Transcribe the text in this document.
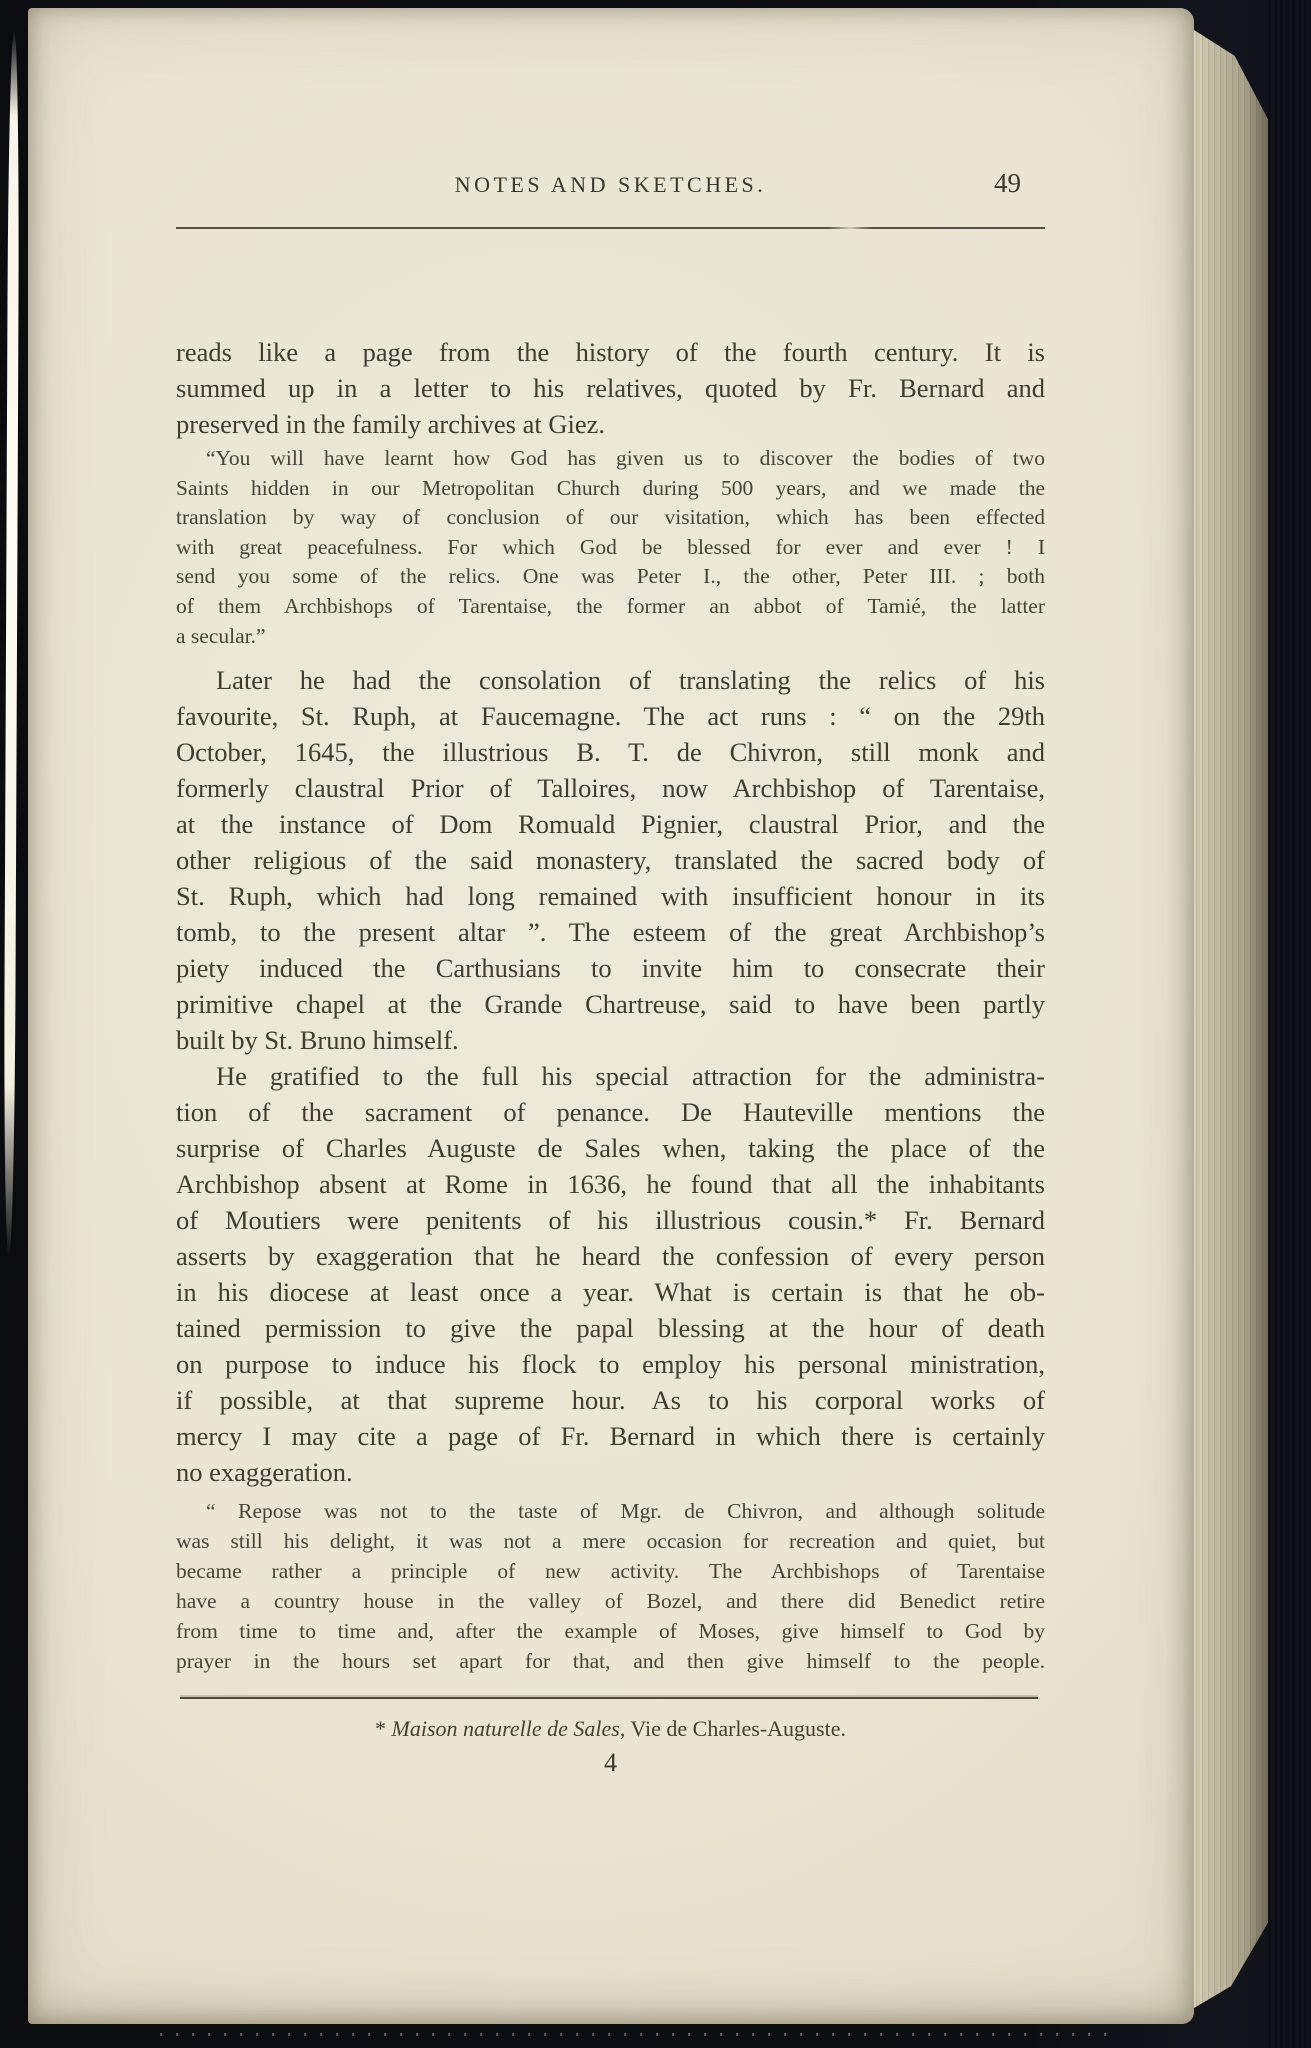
NOTES AND SKETCHES.	49
reads like a page from the history of the fourth century. It is
summed up in a letter to his relatives, quoted by Fr. Bernard and
preserved in the family archives at Giez.
“You will have learnt how God has given us to discover the bodies of two
Saints hidden in our Metropolitan Church during 500 years, and we made the
translation by way of conclusion of our visitation, which has been effected
with great peacefulness. For which God be blessed for ever and ever ! I
send you some of the relics. One was Peter I., the other, Peter III. ; both
of them Archbishops of Tarentaise, the former an abbot of Tamié, the latter
a secular.”
Later he had the consolation of translating the relics of his
favourite, St. Ruph, at Faucemagne. The act runs : “ on the 29th
October, 1645, the illustrious B. T. de Chivron, still monk and
formerly claustral Prior of Talloires, now Archbishop of Tarentaise,
at the instance of Dom Romuald Pignier, claustral Prior, and the
other religious of the said monastery, translated the sacred body of
St. Ruph, which had long remained with insufficient honour in its
tomb, to the present altar ”. The esteem of the great Archbishop’s
piety induced the Carthusians to invite him to consecrate their
primitive chapel at the Grande Chartreuse, said to have been partly
built by St. Bruno himself.
He gratified to the full his special attraction for the administra-
tion of the sacrament of penance. De Hauteville mentions the
surprise of Charles Auguste de Sales when, taking the place of the
Archbishop absent at Rome in 1636, he found that all the inhabitants
of Moutiers were penitents of his illustrious cousin.* Fr. Bernard
asserts by exaggeration that he heard the confession of every person
in his diocese at least once a year. What is certain is that he ob-
tained permission to give the papal blessing at the hour of death
on purpose to induce his flock to employ his personal ministration,
if possible, at that supreme hour. As to his corporal works of
mercy I may cite a page of Fr. Bernard in which there is certainly
no exaggeration.
“ Repose was not to the taste of Mgr. de Chivron, and although solitude
was still his delight, it was not a mere occasion for recreation and quiet, but
became rather a principle of new activity. The Archbishops of Tarentaise
have a country house in the valley of Bozel, and there did Benedict retire
from time to time and, after the example of Moses, give himself to God by
prayer in the hours set apart for that, and then give himself to the people.
* Maison naturelle de Sales, Vie de Charles-Auguste.
4
